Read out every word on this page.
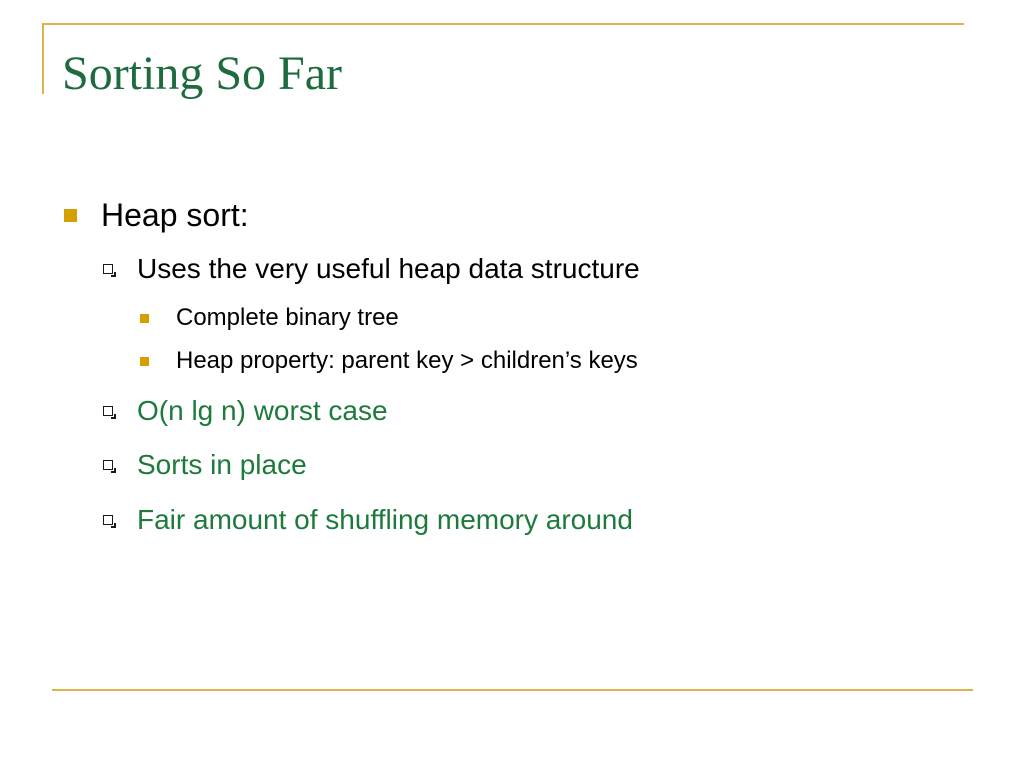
Sorting So Far
Heap sort:
Uses the very useful heap data structure
Complete binary tree
Heap property: parent key > children’s keys
O(n lg n) worst case
Sorts in place
Fair amount of shuffling memory around
